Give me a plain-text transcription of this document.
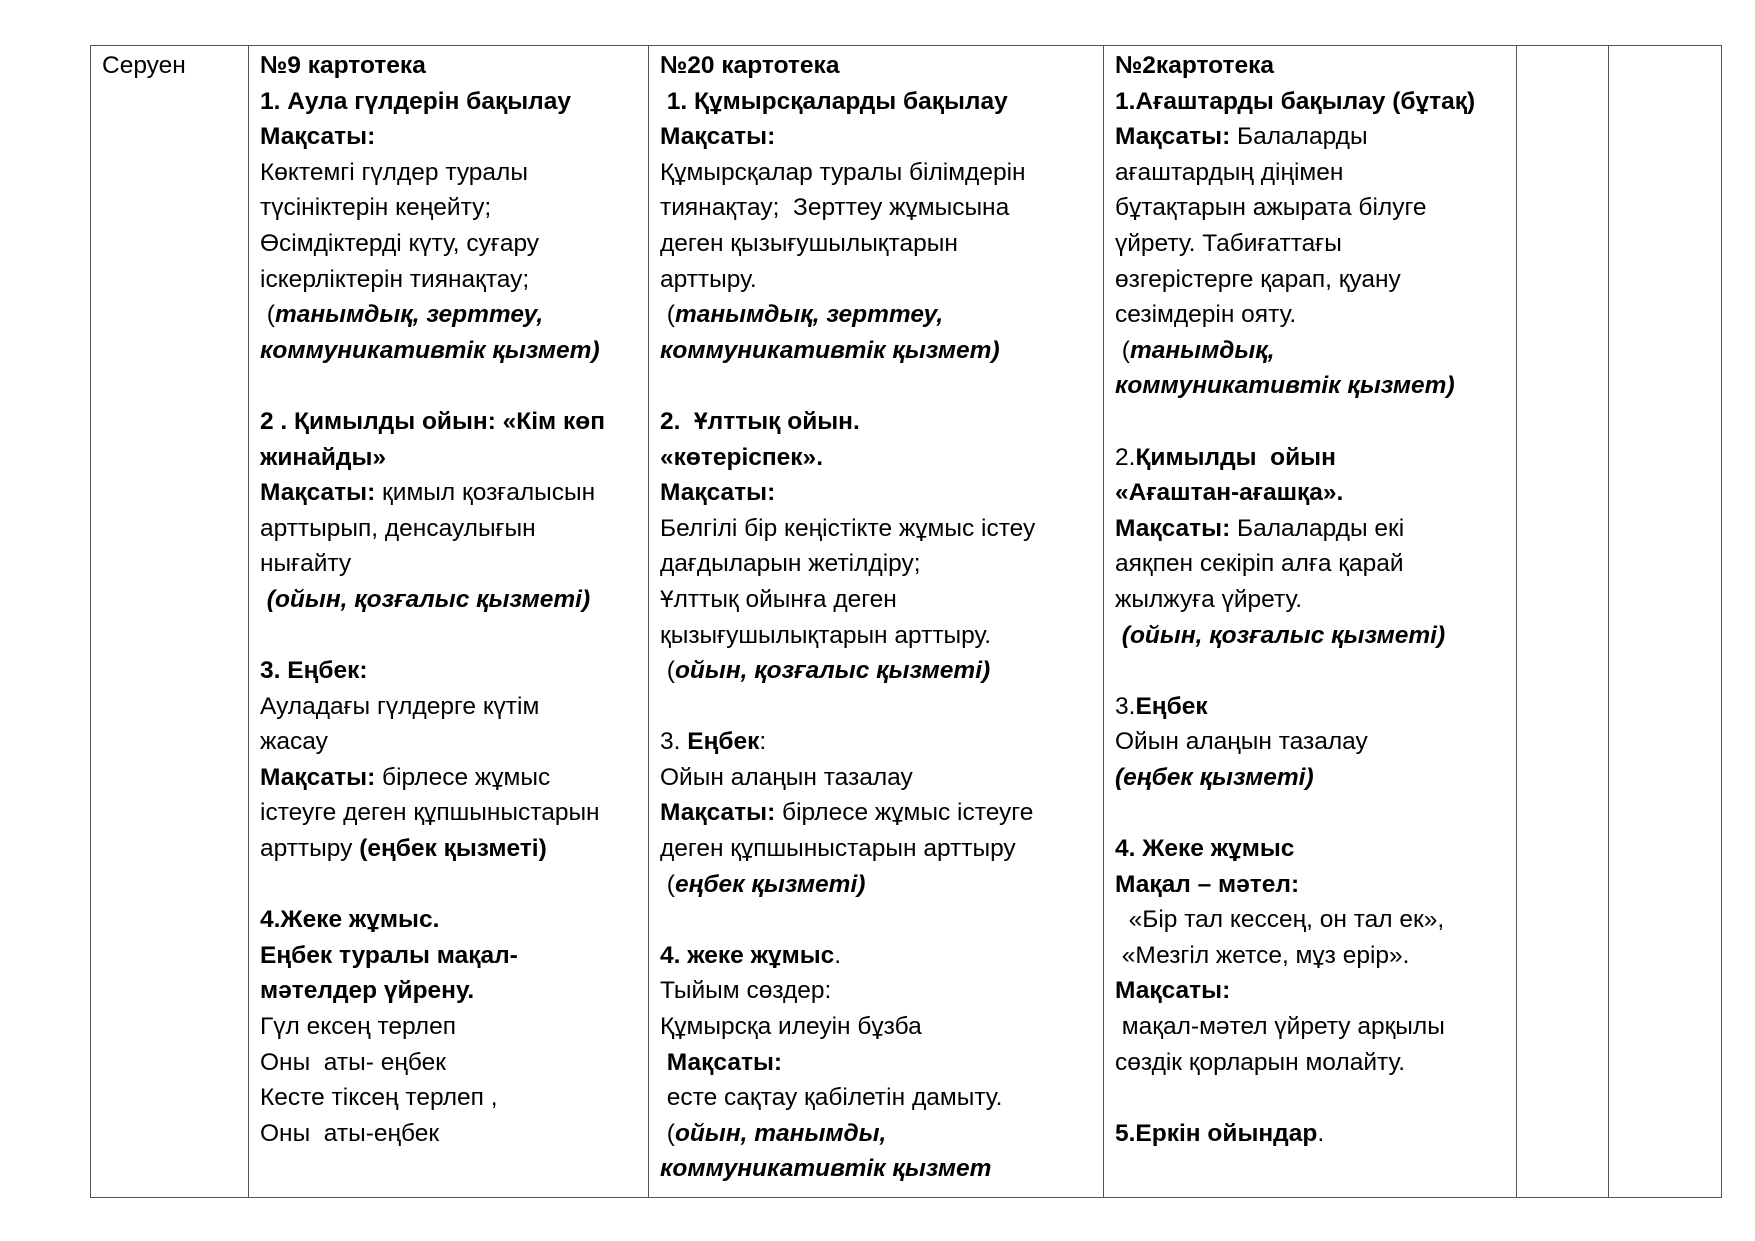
Серуен	№9 картотека
1. Аула гүлдерін бақылау
Мақсаты:
Көктемгі гүлдер туралы
түсініктерін кеңейту;
Өсімдіктерді күту, суғару
іскерліктерін тиянақтау;
(танымдық, зерттеу,
коммуникативтік қызмет)
2 . Қимылды ойын: «Кім көп
жинайды»
Мақсаты: қимыл қозғалысын
арттырып, денсаулығын
нығайту
(ойын, қозғалыс қызметі)
3. Еңбек:
Ауладағы гүлдерге күтім
жасау
Мақсаты: бірлесе жұмыс
істеуге деген құпшыныстарын
арттыру (еңбек қызметі)
4.Жеке жұмыс.
Еңбек туралы мақал-
мәтелдер үйрену.
Гүл ексең терлеп
Оны  аты- еңбек
Кесте тіксең терлеп ,
Оны  аты-еңбек
№20 картотека
1. Құмырсқаларды бақылау
Мақсаты:
Құмырсқалар туралы білімдерін
тиянақтау;  Зерттеу жұмысына
деген қызығушылықтарын
арттыру.
(танымдық, зерттеу,
коммуникативтік қызмет)
2.  Ұлттық ойын.
«көтеріспек».
Мақсаты:
Белгілі бір кеңістікте жұмыс істеу
дағдыларын жетілдіру;
Ұлттық ойынға деген
қызығушылықтарын арттыру.
(ойын, қозғалыс қызметі)
3. Еңбек:
Ойын алаңын тазалау
Мақсаты: бірлесе жұмыс істеуге
деген құпшыныстарын арттыру
(еңбек қызметі)
4. жеке жұмыс.
Тыйым сөздер:
Құмырсқа илеуін бұзба
Мақсаты:
есте сақтау қабілетін дамыту.
(ойын, танымды,
коммуникативтік қызмет
№2картотека
1.Ағаштарды бақылау (бұтақ)
Мақсаты: Балаларды
ағаштардың діңімен
бұтақтарын ажырата білуге
үйрету. Табиғаттағы
өзгерістерге қарап, қуану
сезімдерін ояту.
(танымдық,
коммуникативтік қызмет)
2.Қимылды  ойын
«Ағаштан-ағашқа».
Мақсаты: Балаларды екі
аяқпен секіріп алға қарай
жылжуға үйрету.
(ойын, қозғалыс қызметі)
3.Еңбек
Ойын алаңын тазалау
(еңбек қызметі)
4. Жеке жұмыс
Мақал – мәтел:
«Бір тал кессең, он тал ек»,
«Мезгіл жетсе, мұз ерір».
Мақсаты:
мақал-мәтел үйрету арқылы
сөздік қорларын молайту.
5.Еркін ойындар.
